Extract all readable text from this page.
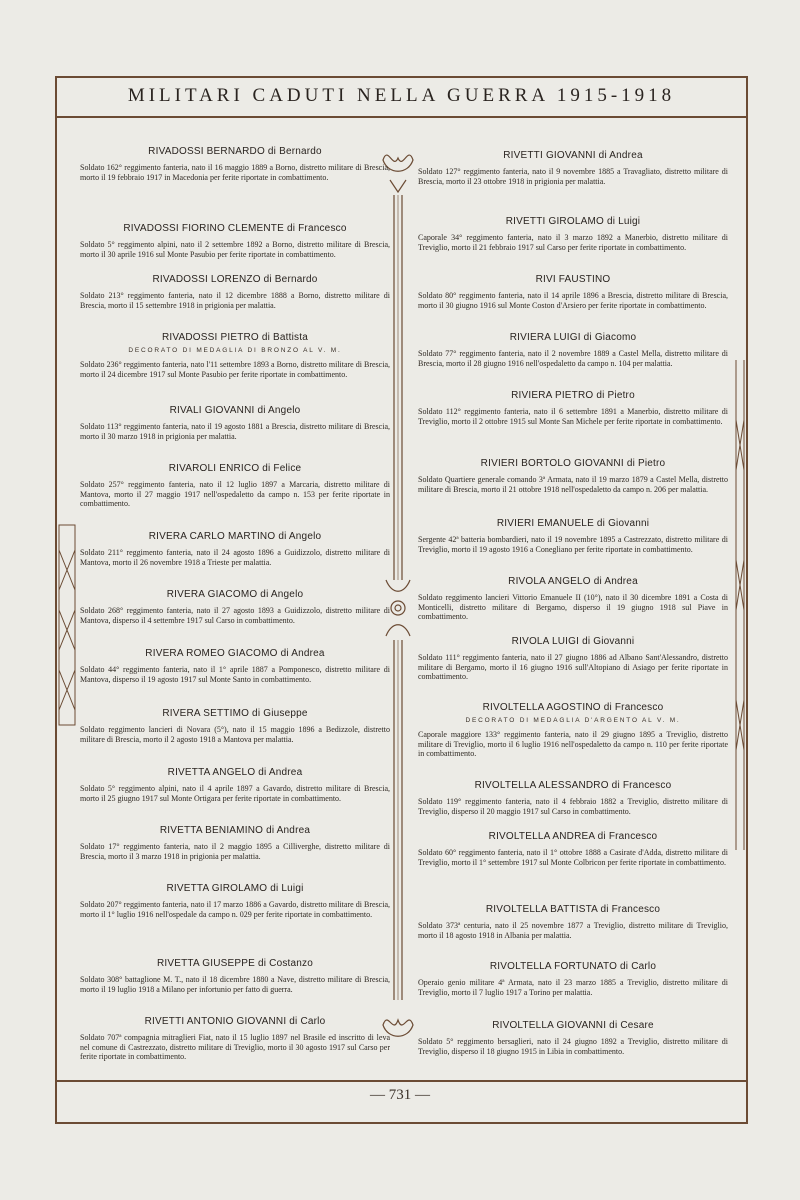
MILITARI CADUTI NELLA GUERRA 1915-1918
RIVADOSSI BERNARDO di Bernardo
Soldato 162° reggimento fanteria, nato il 16 maggio 1889 a Borno, distretto militare di Brescia, morto il 19 febbraio 1917 in Macedonia per ferite riportate in combattimento.
RIVADOSSI FIORINO CLEMENTE di Francesco
Soldato 5° reggimento alpini, nato il 2 settembre 1892 a Borno, distretto militare di Brescia, morto il 30 aprile 1916 sul Monte Pasubio per ferite riportate in combattimento.
RIVADOSSI LORENZO di Bernardo
Soldato 213° reggimento fanteria, nato il 12 dicembre 1888 a Borno, distretto militare di Brescia, morto il 15 settembre 1918 in prigionia per malattia.
RIVADOSSI PIETRO di Battista
DECORATO DI MEDAGLIA DI BRONZO AL V. M.
Soldato 236° reggimento fanteria, nato l'11 settembre 1893 a Borno, distretto militare di Brescia, morto il 24 dicembre 1917 sul Monte Pasubio per ferite riportate in combattimento.
RIVALI GIOVANNI di Angelo
Soldato 113° reggimento fanteria, nato il 19 agosto 1881 a Brescia, distretto militare di Brescia, morto il 30 marzo 1918 in prigionia per malattia.
RIVAROLI ENRICO di Felice
Soldato 257° reggimento fanteria, nato il 12 luglio 1897 a Marcaria, distretto militare di Mantova, morto il 27 maggio 1917 nell'ospedaletto da campo n. 153 per ferite riportate in combattimento.
RIVERA CARLO MARTINO di Angelo
Soldato 211° reggimento fanteria, nato il 24 agosto 1896 a Guidizzolo, distretto militare di Mantova, morto il 26 novembre 1918 a Trieste per malattia.
RIVERA GIACOMO di Angelo
Soldato 268° reggimento fanteria, nato il 27 agosto 1893 a Guidizzolo, distretto militare di Mantova, disperso il 4 settembre 1917 sul Carso in combattimento.
RIVERA ROMEO GIACOMO di Andrea
Soldato 44° reggimento fanteria, nato il 1° aprile 1887 a Pomponesco, distretto militare di Mantova, disperso il 19 agosto 1917 sul Monte Santo in combattimento.
RIVERA SETTIMO di Giuseppe
Soldato reggimento lancieri di Novara (5°), nato il 15 maggio 1896 a Bedizzole, distretto militare di Brescia, morto il 2 agosto 1918 a Mantova per malattia.
RIVETTA ANGELO di Andrea
Soldato 5° reggimento alpini, nato il 4 aprile 1897 a Gavardo, distretto militare di Brescia, morto il 25 giugno 1917 sul Monte Ortigara per ferite riportate in combattimento.
RIVETTA BENIAMINO di Andrea
Soldato 17° reggimento fanteria, nato il 2 maggio 1895 a Cilliverghe, distretto militare di Brescia, morto il 3 marzo 1918 in prigionia per malattia.
RIVETTA GIROLAMO di Luigi
Soldato 207° reggimento fanteria, nato il 17 marzo 1886 a Gavardo, distretto militare di Brescia, morto il 1° luglio 1916 nell'ospedale da campo n. 029 per ferite riportate in combattimento.
RIVETTA GIUSEPPE di Costanzo
Soldato 308° battaglione M. T., nato il 18 dicembre 1880 a Nave, distretto militare di Brescia, morto il 19 luglio 1918 a Milano per infortunio per fatto di guerra.
RIVETTI ANTONIO GIOVANNI di Carlo
Soldato 707ª compagnia mitraglieri Fiat, nato il 15 luglio 1897 nel Brasile ed inscritto di leva nel comune di Castrezzato, distretto militare di Treviglio, morto il 30 agosto 1917 sul Carso per ferite riportate in combattimento.
RIVETTI GIOVANNI di Andrea
Soldato 127° reggimento fanteria, nato il 9 novembre 1885 a Travagliato, distretto militare di Brescia, morto il 23 ottobre 1918 in prigionia per malattia.
RIVETTI GIROLAMO di Luigi
Caporale 34° reggimento fanteria, nato il 3 marzo 1892 a Manerbio, distretto militare di Treviglio, morto il 21 febbraio 1917 sul Carso per ferite riportate in combattimento.
RIVI FAUSTINO
Soldato 80° reggimento fanteria, nato il 14 aprile 1896 a Brescia, distretto militare di Brescia, morto il 30 giugno 1916 sul Monte Coston d'Arsiero per ferite riportate in combattimento.
RIVIERA LUIGI di Giacomo
Soldato 77° reggimento fanteria, nato il 2 novembre 1889 a Castel Mella, distretto militare di Brescia, morto il 28 giugno 1916 nell'ospedaletto da campo n. 104 per malattia.
RIVIERA PIETRO di Pietro
Soldato 112° reggimento fanteria, nato il 6 settembre 1891 a Manerbio, distretto militare di Treviglio, morto il 2 ottobre 1915 sul Monte San Michele per ferite riportate in combattimento.
RIVIERI BORTOLO GIOVANNI di Pietro
Soldato Quartiere generale comando 3ª Armata, nato il 19 marzo 1879 a Castel Mella, distretto militare di Brescia, morto il 21 ottobre 1918 nell'ospedaletto da campo n. 206 per malattia.
RIVIERI EMANUELE di Giovanni
Sergente 42ª batteria bombardieri, nato il 19 novembre 1895 a Castrezzato, distretto militare di Treviglio, morto il 19 agosto 1916 a Conegliano per ferite riportate in combattimento.
RIVOLA ANGELO di Andrea
Soldato reggimento lancieri Vittorio Emanuele II (10°), nato il 30 dicembre 1891 a Costa di Monticelli, distretto militare di Bergamo, disperso il 19 giugno 1918 sul Piave in combattimento.
RIVOLA LUIGI di Giovanni
Soldato 111° reggimento fanteria, nato il 27 giugno 1886 ad Albano Sant'Alessandro, distretto militare di Bergamo, morto il 16 giugno 1916 sull'Altopiano di Asiago per ferite riportate in combattimento.
RIVOLTELLA AGOSTINO di Francesco
DECORATO DI MEDAGLIA D'ARGENTO AL V. M.
Caporale maggiore 133° reggimento fanteria, nato il 29 giugno 1895 a Treviglio, distretto militare di Treviglio, morto il 6 luglio 1916 nell'ospedaletto da campo n. 110 per ferite riportate in combattimento.
RIVOLTELLA ALESSANDRO di Francesco
Soldato 119° reggimento fanteria, nato il 4 febbraio 1882 a Treviglio, distretto militare di Treviglio, disperso il 20 maggio 1917 sul Carso in combattimento.
RIVOLTELLA ANDREA di Francesco
Soldato 60° reggimento fanteria, nato il 1° ottobre 1888 a Casirate d'Adda, distretto militare di Treviglio, morto il 1° settembre 1917 sul Monte Colbricon per ferite riportate in combattimento.
RIVOLTELLA BATTISTA di Francesco
Soldato 373ª centuria, nato il 25 novembre 1877 a Treviglio, distretto militare di Treviglio, morto il 18 agosto 1918 in Albania per malattia.
RIVOLTELLA FORTUNATO di Carlo
Operaio genio militare 4ª Armata, nato il 23 marzo 1885 a Treviglio, distretto militare di Treviglio, morto il 7 luglio 1917 a Torino per malattia.
RIVOLTELLA GIOVANNI di Cesare
Soldato 5° reggimento bersaglieri, nato il 24 giugno 1892 a Treviglio, distretto militare di Treviglio, disperso il 18 giugno 1915 in Libia in combattimento.
— 731 —
